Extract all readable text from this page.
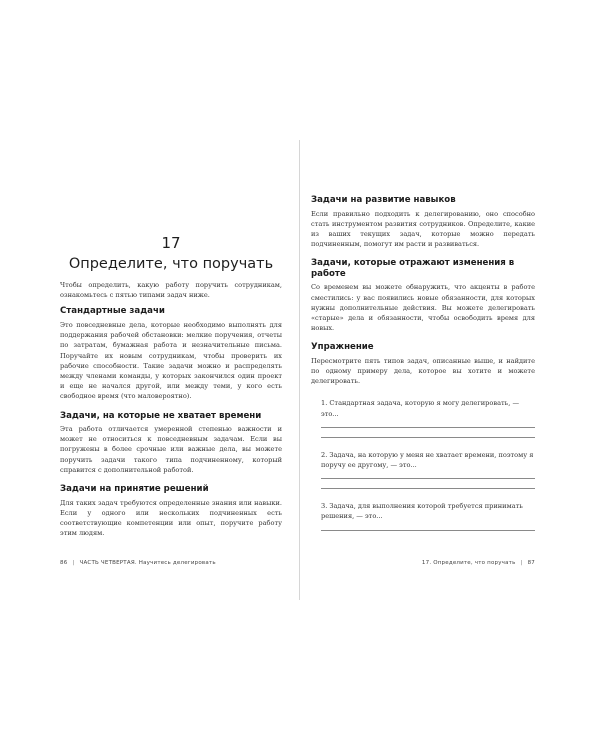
17
Определите, что поручать

Чтобы определить, какую работу поручить сотрудникам, ознакомьтесь с пятью типами задач ниже.

Стандартные задачи

Это повседневные дела, которые необходимо выполнять для поддержания рабочей обстановки: мелкие поручения, отчеты по затратам, бумажная работа и незначительные письма. Поручайте их новым сотрудникам, чтобы проверить их рабочие способности. Такие задачи можно и распределять между членами команды, у которых закончился один проект и еще не начался другой, или между теми, у кого есть свободное время (что маловероятно).

Задачи, на которые не хватает времени

Эта работа отличается умеренной степенью важности и может не относиться к повседневным задачам. Если вы погружены в более срочные или важные дела, вы можете поручить задачи такого типа подчиненному, который справится с дополнительной работой.

Задачи на принятие решений

Для таких задач требуются определенные знания или навыки. Если у одного или нескольких подчиненных есть соответствующие компетенции или опыт, поручите работу этим людям.

86 | ЧАСТЬ ЧЕТВЕРТАЯ. Научитесь делегировать
Задачи на развитие навыков

Если правильно подходить к делегированию, оно способно стать инструментом развития сотрудников. Определите, какие из ваших текущих задач, которые можно передать подчиненным, помогут им расти и развиваться.

Задачи, которые отражают изменения в работе

Со временем вы можете обнаружить, что акценты в работе сместились: у вас появились новые обязанности, для которых нужны дополнительные действия. Вы можете делегировать «старые» дела и обязанности, чтобы освободить время для новых.

Упражнение

Пересмотрите пять типов задач, описанные выше, и найдите по одному примеру дела, которое вы хотите и можете делегировать.

1. Стандартная задача, которую я могу делегировать, — это...

2. Задача, на которую у меня не хватает времени, поэтому я поручу ее другому, — это...

3. Задача, для выполнения которой требуется принимать решения, — это...

17. Определите, что поручать | 87
